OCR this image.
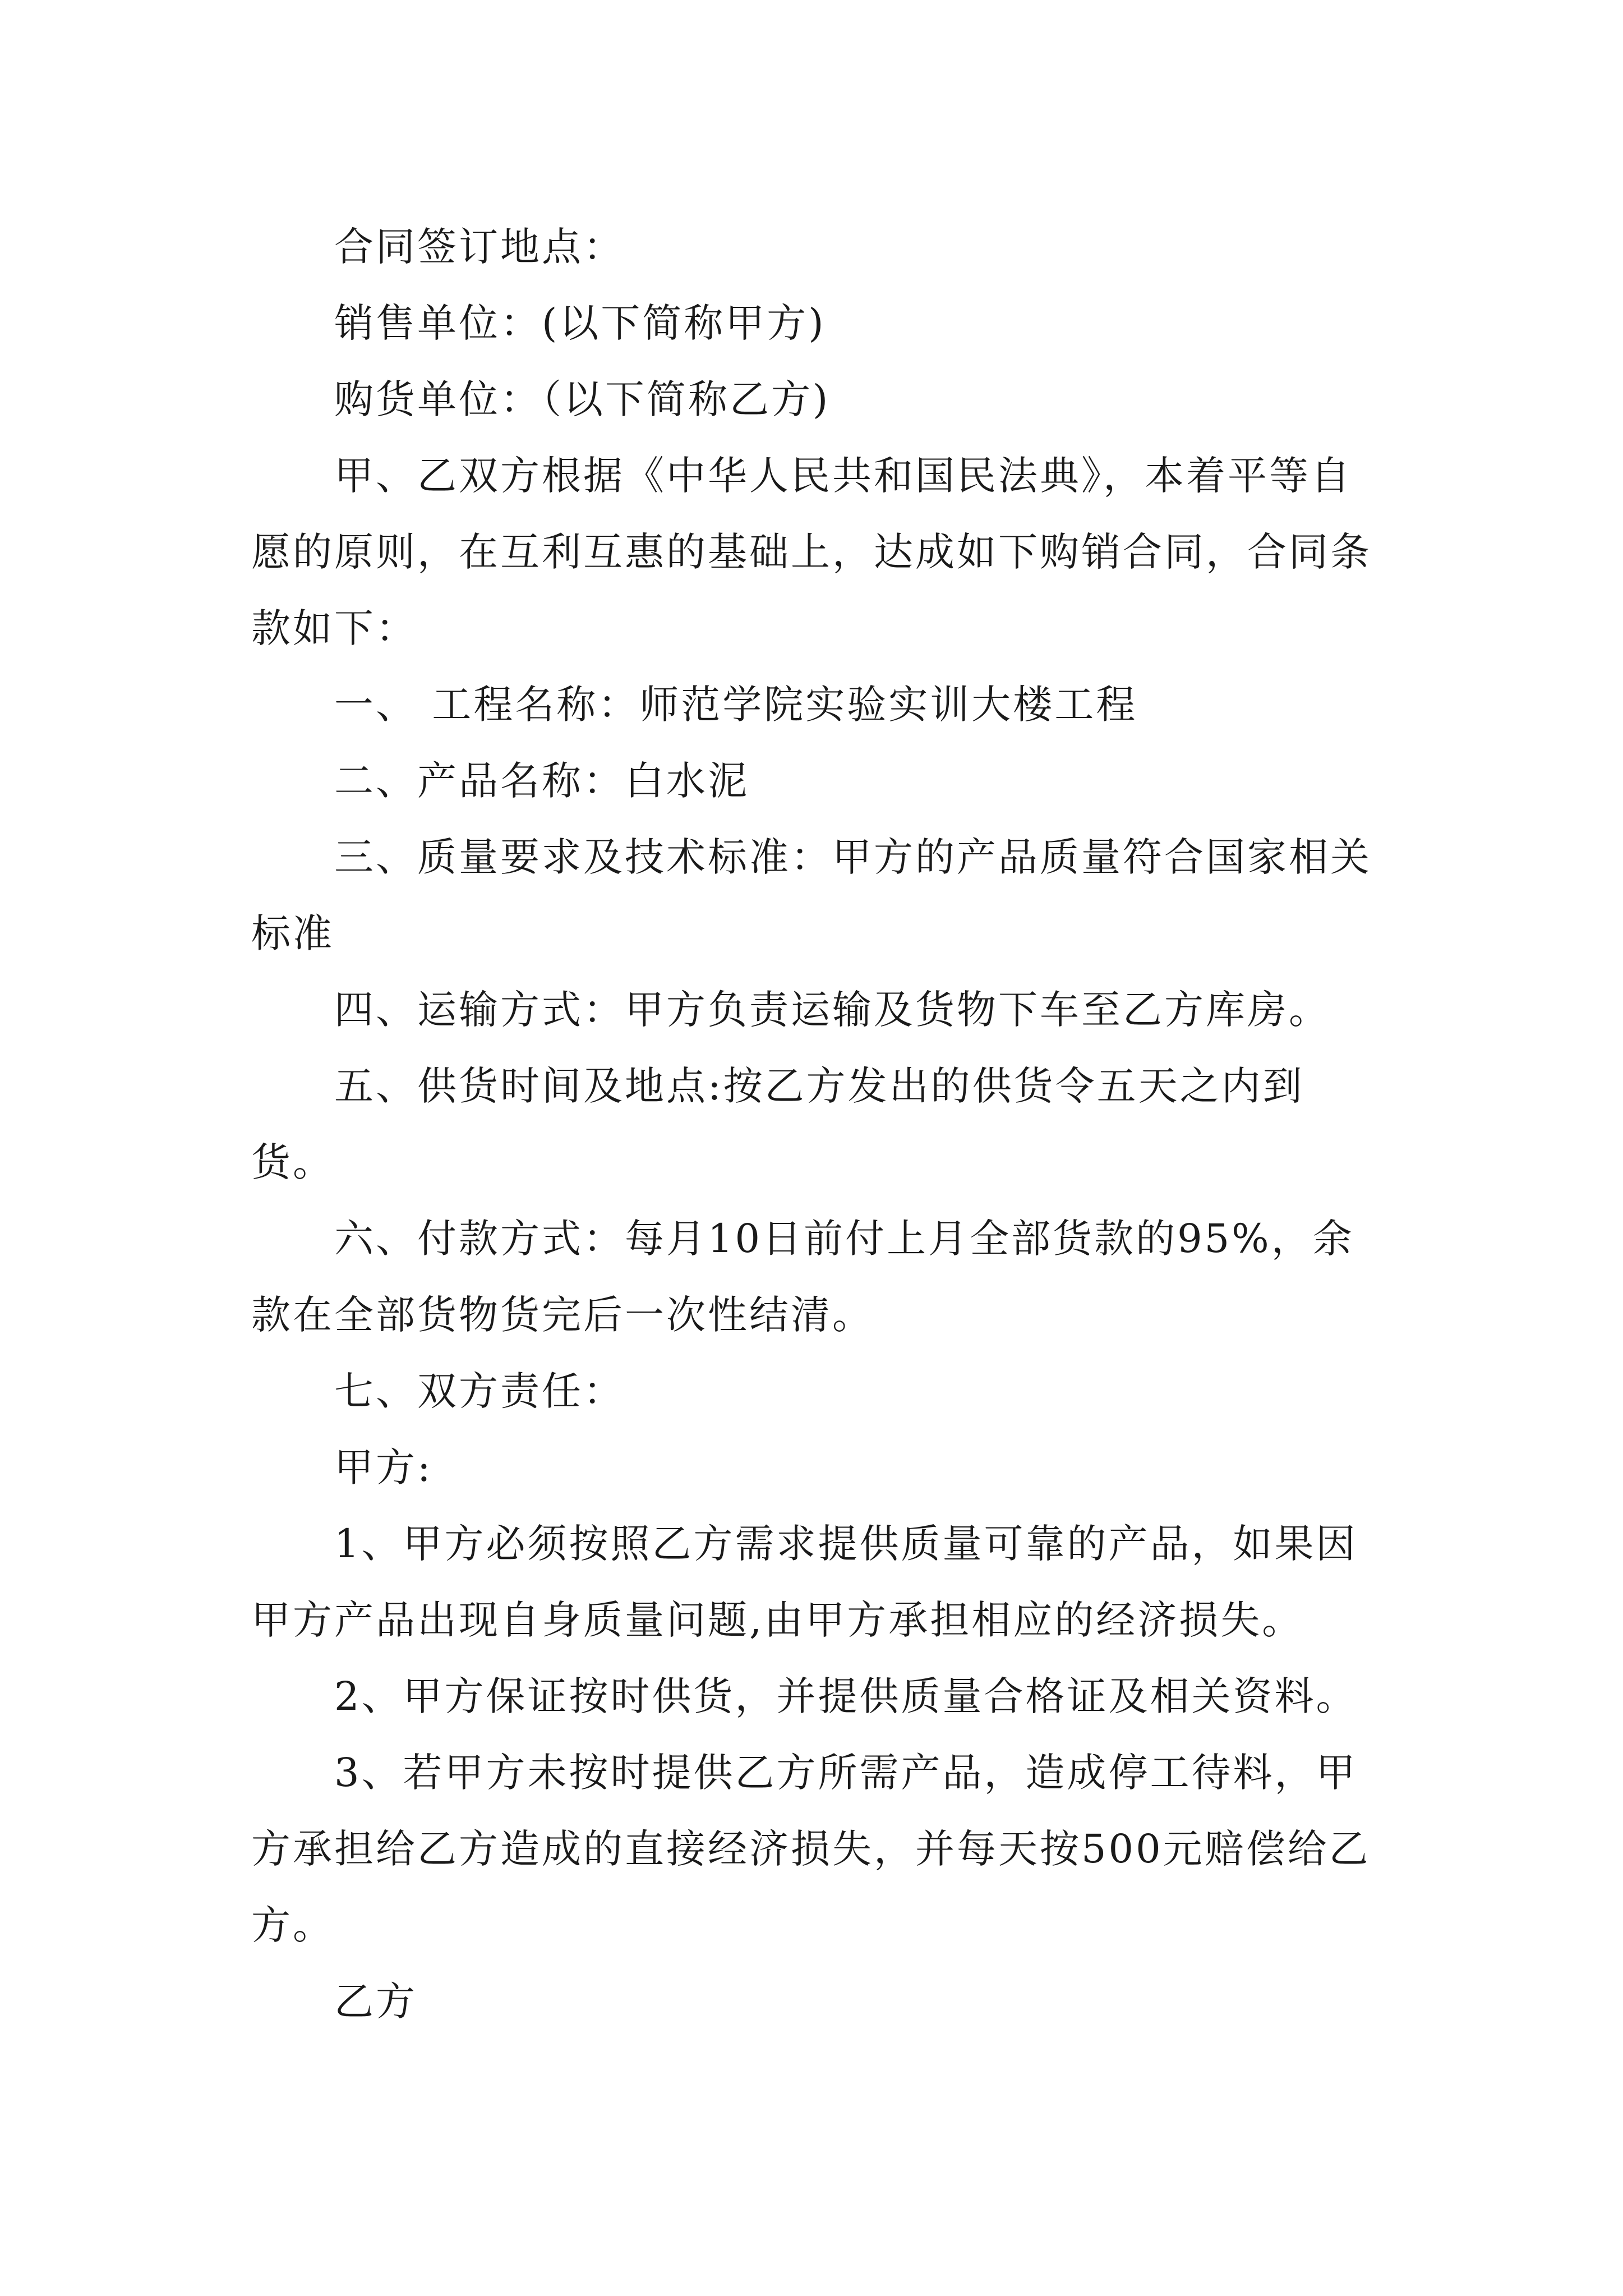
合同签订地点：

销售单位：(以下简称甲方)

购货单位：（以下简称乙方)

甲、乙双方根据《中华人民共和国民法典》，本着平等自愿的原则，在互利互惠的基础上，达成如下购销合同，合同条款如下：

一、 工程名称：师范学院实验实训大楼工程

二、产品名称：白水泥

三、质量要求及技术标准：甲方的产品质量符合国家相关标准

四、运输方式：甲方负责运输及货物下车至乙方库房。

五、供货时间及地点:按乙方发出的供货令五天之内到货。

六、付款方式：每月10日前付上月全部货款的95%，余款在全部货物货完后一次性结清。

七、双方责任：

甲方:

1、甲方必须按照乙方需求提供质量可靠的产品，如果因甲方产品出现自身质量问题,由甲方承担相应的经济损失。

2、甲方保证按时供货，并提供质量合格证及相关资料。

3、若甲方未按时提供乙方所需产品，造成停工待料，甲方承担给乙方造成的直接经济损失，并每天按500元赔偿给乙方。

乙方
